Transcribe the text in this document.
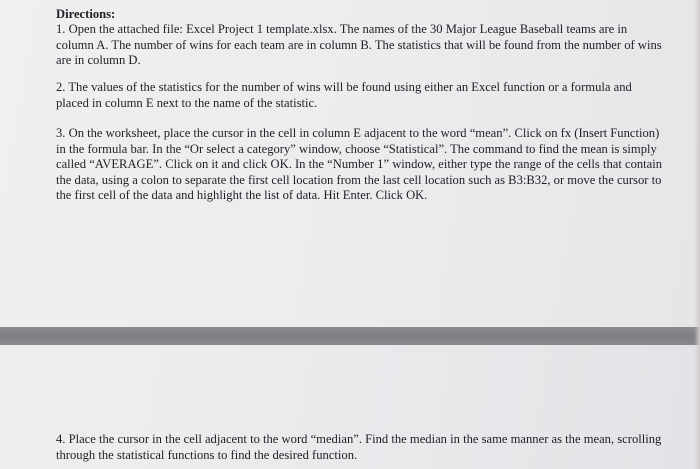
Directions:

1. Open the attached file: Excel Project 1 template.xlsx. The names of the 30 Major League Baseball teams are in column A. The number of wins for each team are in column B. The statistics that will be found from the number of wins are in column D.

2. The values of the statistics for the number of wins will be found using either an Excel function or a formula and placed in column E next to the name of the statistic.

3. On the worksheet, place the cursor in the cell in column E adjacent to the word “mean”. Click on fx (Insert Function) in the formula bar. In the “Or select a category” window, choose “Statistical”. The command to find the mean is simply called “AVERAGE”. Click on it and click OK. In the “Number 1” window, either type the range of the cells that contain the data, using a colon to separate the first cell location from the last cell location such as B3:B32, or move the cursor to the first cell of the data and highlight the list of data. Hit Enter. Click OK.

4. Place the cursor in the cell adjacent to the word “median”. Find the median in the same manner as the mean, scrolling through the statistical functions to find the desired function.
